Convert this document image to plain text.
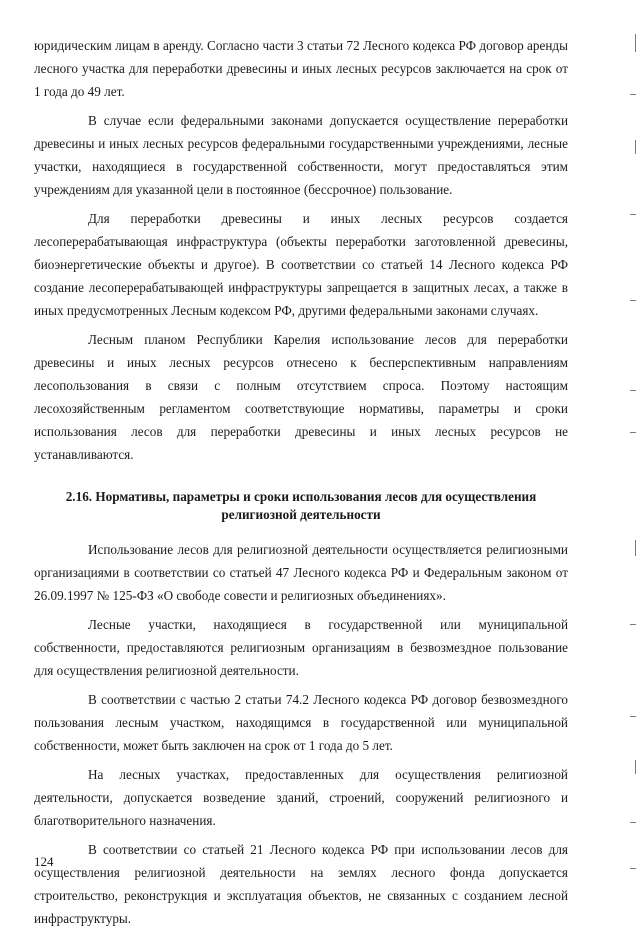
юридическим лицам в аренду. Согласно части 3 статьи 72 Лесного кодекса РФ договор аренды лесного участка для переработки древесины и иных лесных ресурсов заключается на срок от 1 года до 49 лет.

В случае если федеральными законами допускается осуществление переработки древесины и иных лесных ресурсов федеральными государственными учреждениями, лесные участки, находящиеся в государственной собственности, могут предоставляться этим учреждениям для указанной цели в постоянное (бессрочное) пользование.

Для переработки древесины и иных лесных ресурсов создается лесоперерабатывающая инфраструктура (объекты переработки заготовленной древесины, биоэнергетические объекты и другое). В соответствии со статьей 14 Лесного кодекса РФ создание лесоперерабатывающей инфраструктуры запрещается в защитных лесах, а также в иных предусмотренных Лесным кодексом РФ, другими федеральными законами случаях.

Лесным планом Республики Карелия использование лесов для переработки древесины и иных лесных ресурсов отнесено к бесперспективным направлениям лесопользования в связи с полным отсутствием спроса. Поэтому настоящим лесохозяйственным регламентом соответствующие нормативы, параметры и сроки использования лесов для переработки древесины и иных лесных ресурсов не устанавливаются.

2.16. Нормативы, параметры и сроки использования лесов для осуществления
религиозной деятельности

Использование лесов для религиозной деятельности осуществляется религиозными организациями в соответствии со статьей 47 Лесного кодекса РФ и Федеральным законом от 26.09.1997 № 125-ФЗ «О свободе совести и религиозных объединениях».

Лесные участки, находящиеся в государственной или муниципальной собственности, предоставляются религиозным организациям в безвозмездное пользование для осуществления религиозной деятельности.

В соответствии с частью 2 статьи 74.2 Лесного кодекса РФ договор безвозмездного пользования лесным участком, находящимся в государственной или муниципальной собственности, может быть заключен на срок от 1 года до 5 лет.

На лесных участках, предоставленных для осуществления религиозной деятельности, допускается возведение зданий, строений, сооружений религиозного и благотворительного назначения.

В соответствии со статьей 21 Лесного кодекса РФ при использовании лесов для осуществления религиозной деятельности на землях лесного фонда допускается строительство, реконструкция и эксплуатация объектов, не связанных с созданием лесной инфраструктуры.

124
